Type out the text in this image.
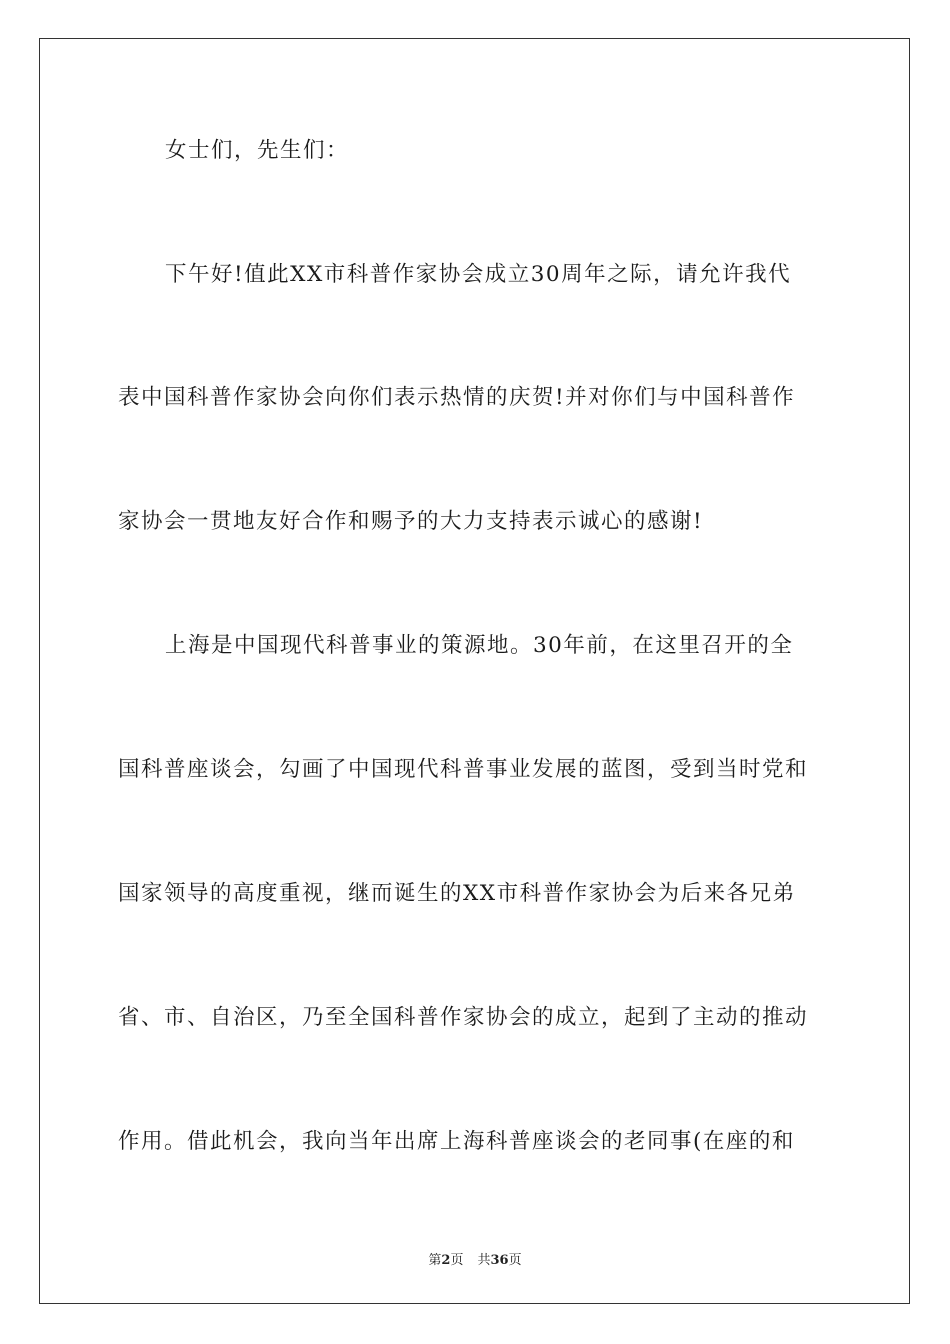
女士们，先生们：
下午好!值此XX市科普作家协会成立30周年之际，请允许我代
表中国科普作家协会向你们表示热情的庆贺!并对你们与中国科普作
家协会一贯地友好合作和赐予的大力支持表示诚心的感谢!
上海是中国现代科普事业的策源地。30年前，在这里召开的全
国科普座谈会，勾画了中国现代科普事业发展的蓝图，受到当时党和
国家领导的高度重视，继而诞生的XX市科普作家协会为后来各兄弟
省、市、自治区，乃至全国科普作家协会的成立，起到了主动的推动
作用。借此机会，我向当年出席上海科普座谈会的老同事(在座的和
第2页 共36页
